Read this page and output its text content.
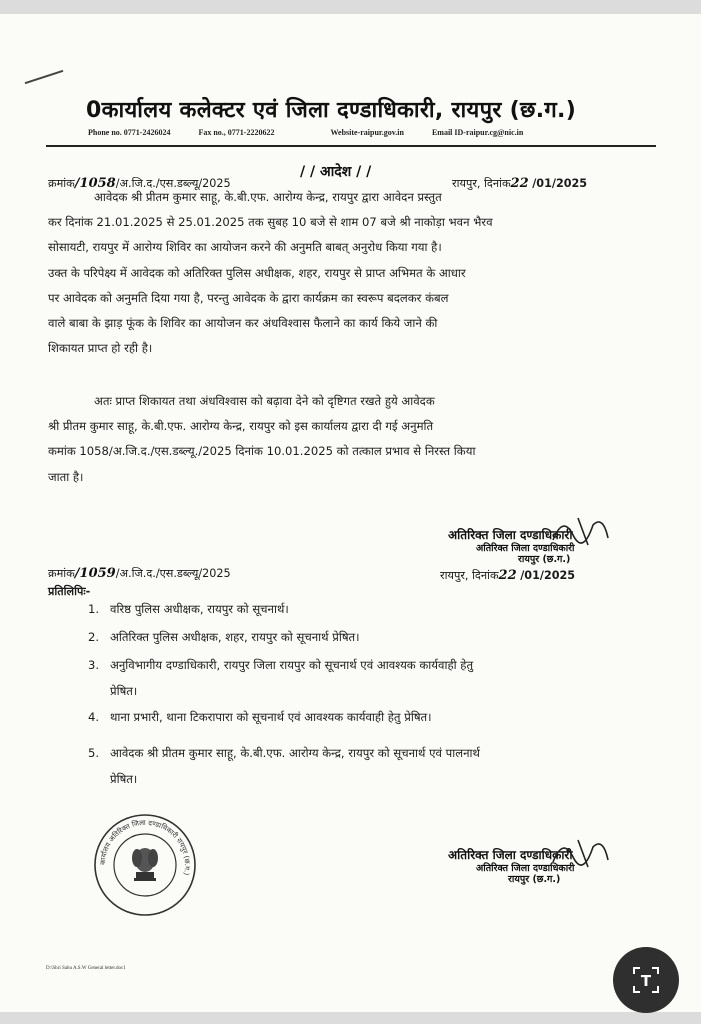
0कार्यालय कलेक्टर एवं जिला दण्डाधिकारी, रायपुर (छ.ग.)
Phone no. 0771-2426024	Fax no., 0771-2220622	Website-raipur.gov.in	Email ID-raipur.cg@nic.in
/ / आदेश / /
क्रमांक/1058/अ.जि.द./एस.डब्ल्यू/2025	रायपुर, दिनांक22 /01/2025
आवेदक श्री प्रीतम कुमार साहू, के.बी.एफ. आरोग्य केन्द्र, रायपुर द्वारा आवेदन प्रस्तुत
कर दिनांक 21.01.2025 से 25.01.2025 तक सुबह 10 बजे से शाम 07 बजे श्री नाकोड़ा भवन भैरव
सोसायटी, रायपुर में आरोग्य शिविर का आयोजन करने की अनुमति बाबत् अनुरोध किया गया है।
उक्त के परिपेक्ष्य में आवेदक को अतिरिक्त पुलिस अधीक्षक, शहर, रायपुर से प्राप्त अभिमत के आधार
पर आवेदक को अनुमति दिया गया है, परन्तु आवेदक के द्वारा कार्यक्रम का स्वरूप बदलकर कंबल
वाले बाबा के झाड़ फूंक के शिविर का आयोजन कर अंधविश्वास फैलाने का कार्य किये जाने की
शिकायत प्राप्त हो रही है।
अतः प्राप्त शिकायत तथा अंधविश्वास को बढ़ावा देने को दृष्टिगत रखते हुये आवेदक
श्री प्रीतम कुमार साहू, के.बी.एफ. आरोग्य केन्द्र, रायपुर को इस कार्यालय द्वारा दी गई अनुमति
कमांक 1058/अ.जि.द./एस.डब्ल्यू./2025 दिनांक 10.01.2025 को तत्काल प्रभाव से निरस्त किया
जाता है।
अतिरिक्त जिला दण्डाधिकारी
अतिरिक्त जिला दण्डाधिकारी
रायपुर (छ.ग.)
क्रमांक/1059/अ.जि.द./एस.डब्ल्यू/2025	रायपुर, दिनांक22 /01/2025
प्रतिलिपिः-
1. वरिष्ठ पुलिस अधीक्षक, रायपुर को सूचनार्थ।
2. अतिरिक्त पुलिस अधीक्षक, शहर, रायपुर को सूचनार्थ प्रेषित।
3. अनुविभागीय दण्डाधिकारी, रायपुर जिला रायपुर को सूचनार्थ एवं आवश्यक कार्यवाही हेतु
प्रेषित।
4. थाना प्रभारी, थाना टिकरापारा को सूचनार्थ एवं आवश्यक कार्यवाही हेतु प्रेषित।
5. आवेदक श्री प्रीतम कुमार साहू, के.बी.एफ. आरोग्य केन्द्र, रायपुर को सूचनार्थ एवं पालनार्थ
प्रेषित।
कार्यालय अतिरिक्त जिला दण्डाधिकारी रायपुर (छ.ग.)
अतिरिक्त जिला दण्डाधिकारी
अतिरिक्त जिला दण्डाधिकारी
रायपुर (छ.ग.)
D:\Shri Sahu A.S.W General letter.doc1
T
